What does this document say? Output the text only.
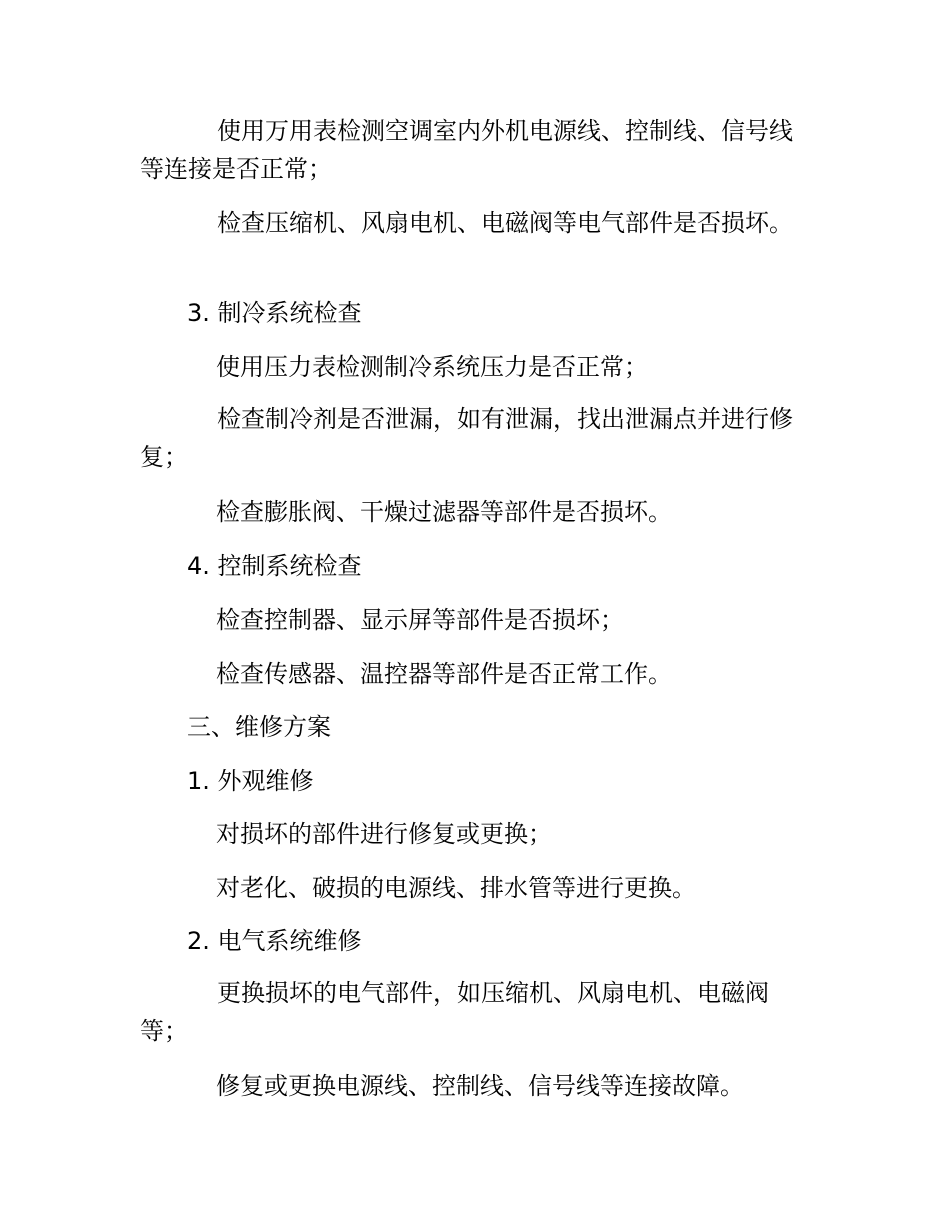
使用万用表检测空调室内外机电源线、控制线、信号线等连接是否正常；
检查压缩机、风扇电机、电磁阀等电气部件是否损坏。
3. 制冷系统检查
使用压力表检测制冷系统压力是否正常；
检查制冷剂是否泄漏，如有泄漏，找出泄漏点并进行修复；
检查膨胀阀、干燥过滤器等部件是否损坏。
4. 控制系统检查
检查控制器、显示屏等部件是否损坏；
检查传感器、温控器等部件是否正常工作。
三、维修方案
1. 外观维修
对损坏的部件进行修复或更换；
对老化、破损的电源线、排水管等进行更换。
2. 电气系统维修
更换损坏的电气部件，如压缩机、风扇电机、电磁阀等；
修复或更换电源线、控制线、信号线等连接故障。
